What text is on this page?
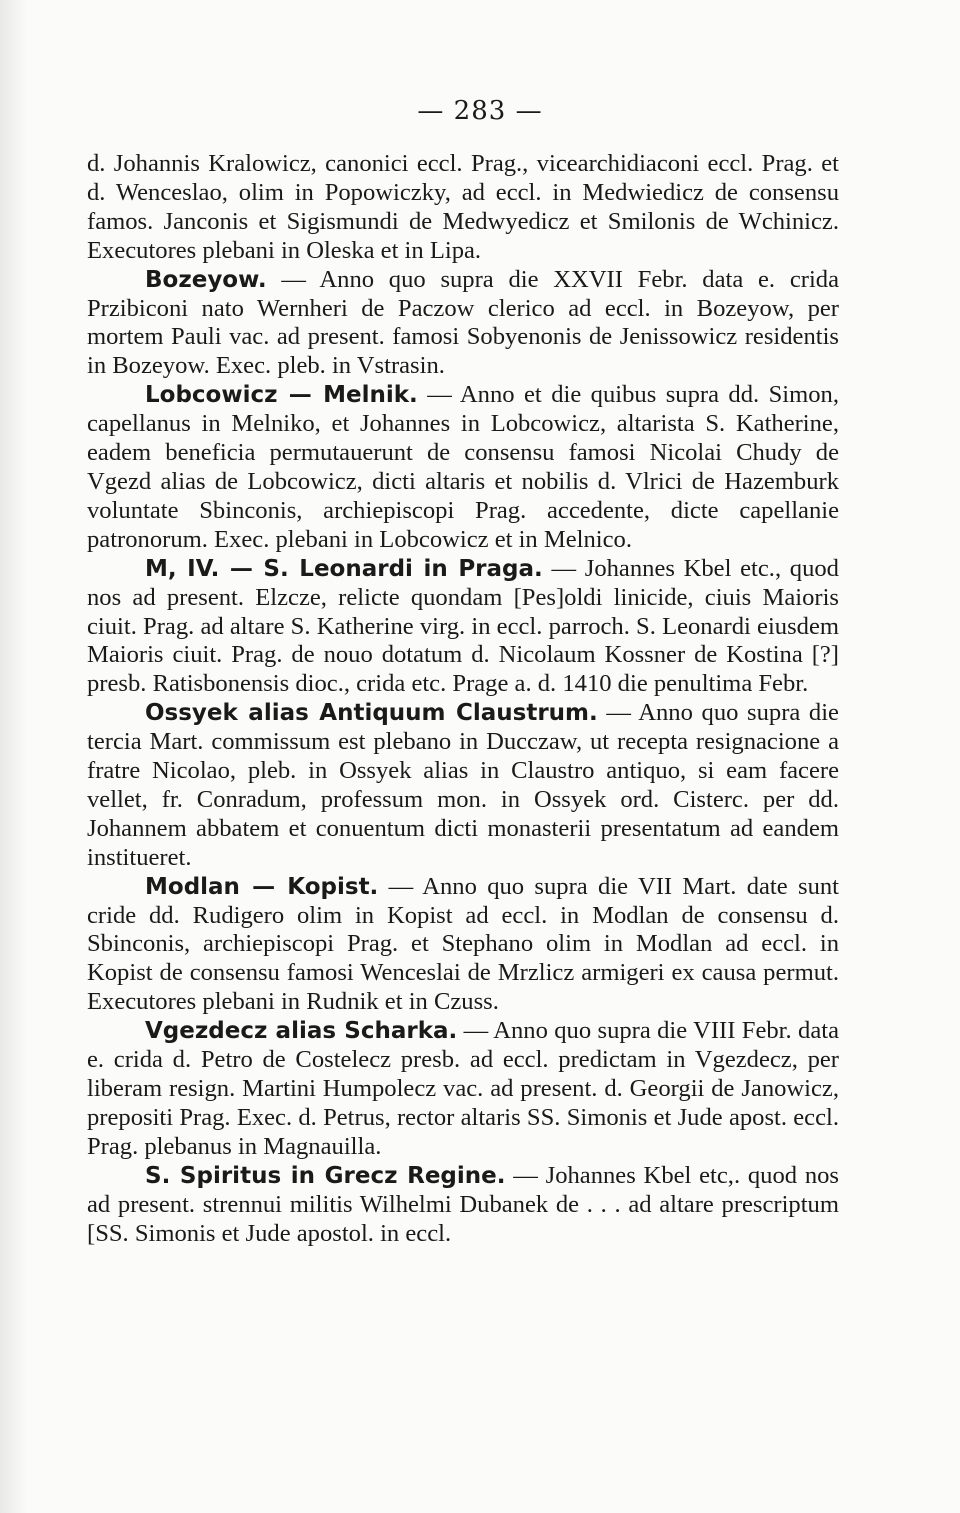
— 283 —

d. Johannis Kralowicz, canonici eccl. Prag., vicearchidiaconi eccl. Prag. et d. Wenceslao, olim in Popowiczky, ad eccl. in Medwiedicz de consensu famos. Janconis et Sigismundi de Medwyedicz et Smilonis de Wchinicz. Executores plebani in Oleska et in Lipa.

Bozeyow. — Anno quo supra die XXVII Febr. data e. crida Przibiconi nato Wernheri de Paczow clerico ad eccl. in Bozeyow, per mortem Pauli vac. ad present. famosi Sobyenonis de Jenissowicz residentis in Bozeyow. Exec. pleb. in Vstrasin.

Lobcowicz — Melnik. — Anno et die quibus supra dd. Simon, capellanus in Melniko, et Johannes in Lobcowicz, altarista S. Katherine, eadem beneficia permutauerunt de consensu famosi Nicolai Chudy de Vgezd alias de Lobcowicz, dicti altaris et nobilis d. Vlrici de Hazemburk voluntate Sbinconis, archiepiscopi Prag. accedente, dicte capellanie patronorum. Exec. plebani in Lobcowicz et in Melnico.

M, IV. — S. Leonardi in Praga. — Johannes Kbel etc., quod nos ad present. Elzcze, relicte quondam [Pes]oldi linicide, ciuis Maioris ciuit. Prag. ad altare S. Katherine virg. in eccl. parroch. S. Leonardi eiusdem Maioris ciuit. Prag. de nouo dotatum d. Nicolaum Kossner de Kostina [?] presb. Ratisbonensis dioc., crida etc. Prage a. d. 1410 die penultima Febr.

Ossyek alias Antiquum Claustrum. — Anno quo supra die tercia Mart. commissum est plebano in Ducczaw, ut recepta resignacione a fratre Nicolao, pleb. in Ossyek alias in Claustro antiquo, si eam facere vellet, fr. Conradum, professum mon. in Ossyek ord. Cisterc. per dd. Johannem abbatem et conuentum dicti monasterii presentatum ad eandem institueret.

Modlan — Kopist. — Anno quo supra die VII Mart. date sunt cride dd. Rudigero olim in Kopist ad eccl. in Modlan de consensu d. Sbinconis, archiepiscopi Prag. et Stephano olim in Modlan ad eccl. in Kopist de consensu famosi Wenceslai de Mrzlicz armigeri ex causa permut. Executores plebani in Rudnik et in Czuss.

Vgezdecz alias Scharka. — Anno quo supra die VIII Febr. data e. crida d. Petro de Costelecz presb. ad eccl. predictam in Vgezdecz, per liberam resign. Martini Humpolecz vac. ad present. d. Georgii de Janowicz, prepositi Prag. Exec. d. Petrus, rector altaris SS. Simonis et Jude apost. eccl. Prag. plebanus in Magnauilla.

S. Spiritus in Grecz Regine. — Johannes Kbel etc,. quod nos ad present. strennui militis Wilhelmi Dubanek de . . . ad altare prescriptum [SS. Simonis et Jude apostol. in eccl.
